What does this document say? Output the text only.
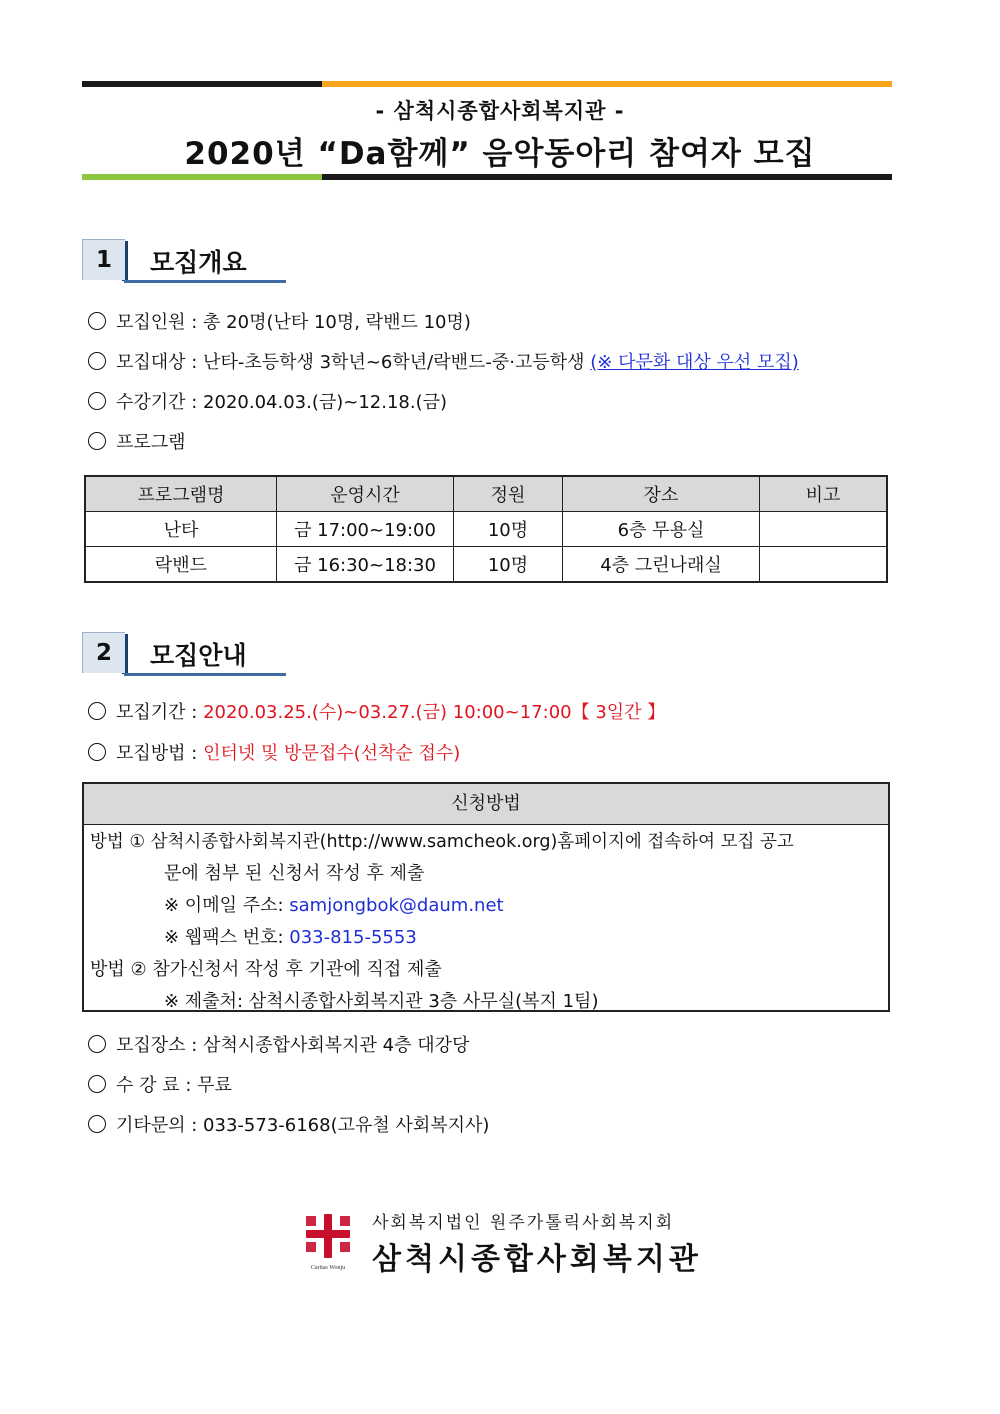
- 삼척시종합사회복지관 -
2020년 “Da함께” 음악동아리 참여자 모집
1	모집개요
모집인원 : 총 20명(난타 10명, 락밴드 10명)
모집대상 : 난타-초등학생 3학년~6학년/락밴드-중·고등학생 (※ 다문화 대상 우선 모집)
수강기간 : 2020.04.03.(금)~12.18.(금)
프로그램
프로그램명	운영시간	정원	장소	비고
난타	금 17:00~19:00	10명	6층 무용실	
락밴드	금 16:30~18:30	10명	4층 그린나래실	
2	모집안내
모집기간 : 2020.03.25.(수)~03.27.(금) 10:00~17:00【 3일간 】
모집방법 : 인터넷 및 방문접수(선착순 접수)
신청방법
방법 ① 삼척시종합사회복지관(http://www.samcheok.org)홈페이지에 접속하여 모집 공고
문에 첨부 된 신청서 작성 후 제출
※ 이메일 주소: samjongbok@daum.net
※ 웹팩스 번호: 033-815-5553
방법 ② 참가신청서 작성 후 기관에 직접 제출
※ 제출처: 삼척시종합사회복지관 3층 사무실(복지 1팀)
모집장소 : 삼척시종합사회복지관 4층 대강당
수 강 료 : 무료
기타문의 : 033-573-6168(고유철 사회복지사)
Caritas Wonju
사회복지법인 원주가톨릭사회복지회
삼척시종합사회복지관
